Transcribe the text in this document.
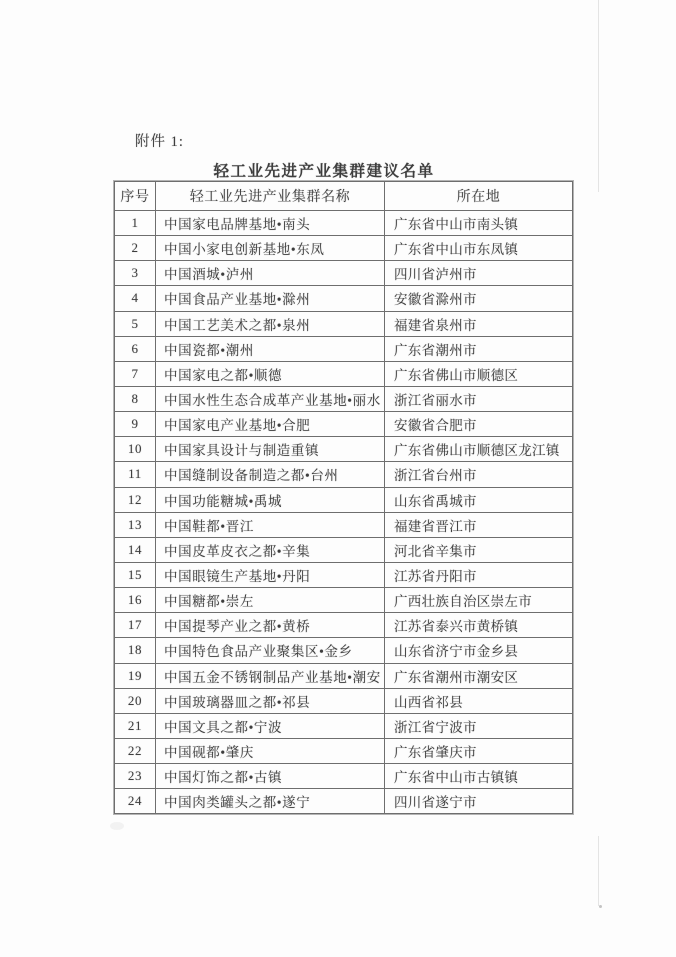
附件 1:
轻工业先进产业集群建议名单
序号	轻工业先进产业集群名称	所在地
1	中国家电品牌基地•南头	广东省中山市南头镇
2	中国小家电创新基地•东凤	广东省中山市东凤镇
3	中国酒城•泸州	四川省泸州市
4	中国食品产业基地•滁州	安徽省滁州市
5	中国工艺美术之都•泉州	福建省泉州市
6	中国瓷都•潮州	广东省潮州市
7	中国家电之都•顺德	广东省佛山市顺德区
8	中国水性生态合成革产业基地•丽水	浙江省丽水市
9	中国家电产业基地•合肥	安徽省合肥市
10	中国家具设计与制造重镇	广东省佛山市顺德区龙江镇
11	中国缝制设备制造之都•台州	浙江省台州市
12	中国功能糖城•禹城	山东省禹城市
13	中国鞋都•晋江	福建省晋江市
14	中国皮革皮衣之都•辛集	河北省辛集市
15	中国眼镜生产基地•丹阳	江苏省丹阳市
16	中国糖都•崇左	广西壮族自治区崇左市
17	中国提琴产业之都•黄桥	江苏省泰兴市黄桥镇
18	中国特色食品产业聚集区•金乡	山东省济宁市金乡县
19	中国五金不锈钢制品产业基地•潮安	广东省潮州市潮安区
20	中国玻璃器皿之都•祁县	山西省祁县
21	中国文具之都•宁波	浙江省宁波市
22	中国砚都•肇庆	广东省肇庆市
23	中国灯饰之都•古镇	广东省中山市古镇镇
24	中国肉类罐头之都•遂宁	四川省遂宁市
